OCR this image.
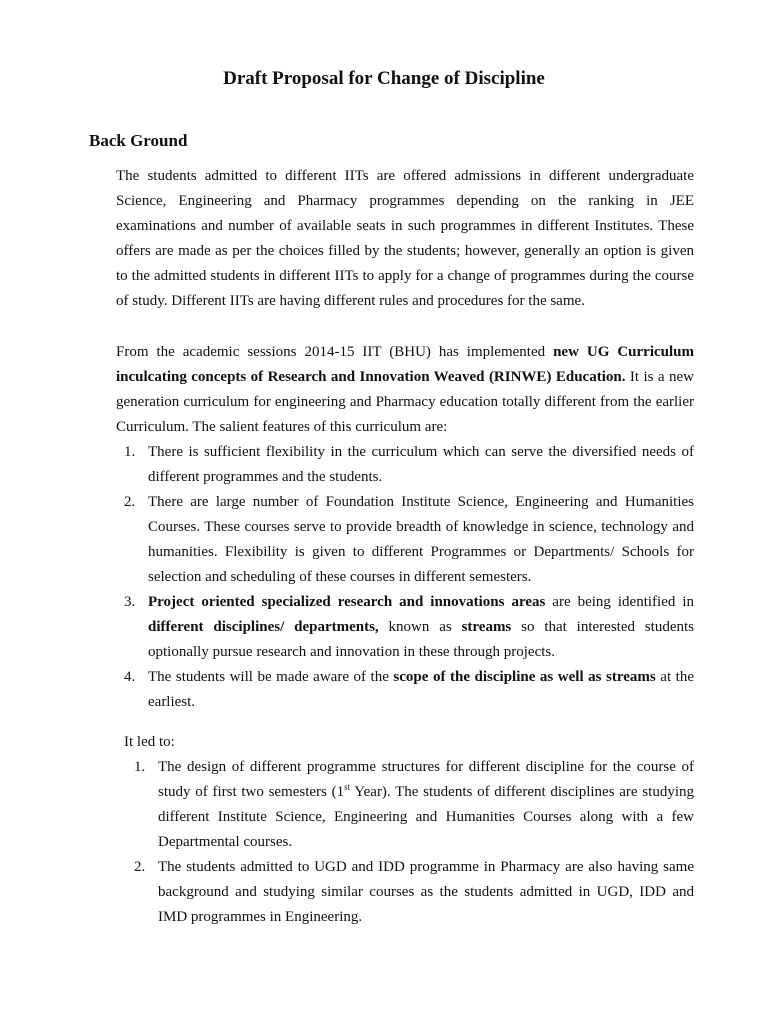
Draft Proposal for Change of Discipline
Back Ground

The students admitted to different IITs are offered admissions in different undergraduate Science, Engineering and Pharmacy programmes depending on the ranking in JEE examinations and number of available seats in such programmes in different Institutes. These offers are made as per the choices filled by the students; however, generally an option is given to the admitted students in different IITs to apply for a change of programmes during the course of study. Different IITs are having different rules and procedures for the same.

From the academic sessions 2014-15 IIT (BHU) has implemented new UG Curriculum inculcating concepts of Research and Innovation Weaved (RINWE) Education. It is a new generation curriculum for engineering and Pharmacy education totally different from the earlier Curriculum. The salient features of this curriculum are:

1. There is sufficient flexibility in the curriculum which can serve the diversified needs of different programmes and the students.
2. There are large number of Foundation Institute Science, Engineering and Humanities Courses. These courses serve to provide breadth of knowledge in science, technology and humanities. Flexibility is given to different Programmes or Departments/ Schools for selection and scheduling of these courses in different semesters.
3. Project oriented specialized research and innovations areas are being identified in different disciplines/ departments, known as streams so that interested students optionally pursue research and innovation in these through projects.
4. The students will be made aware of the scope of the discipline as well as streams at the earliest.

It led to:

1. The design of different programme structures for different discipline for the course of study of first two semesters (1st Year). The students of different disciplines are studying different Institute Science, Engineering and Humanities Courses along with a few Departmental courses.
2. The students admitted to UGD and IDD programme in Pharmacy are also having same background and studying similar courses as the students admitted in UGD, IDD and IMD programmes in Engineering.
